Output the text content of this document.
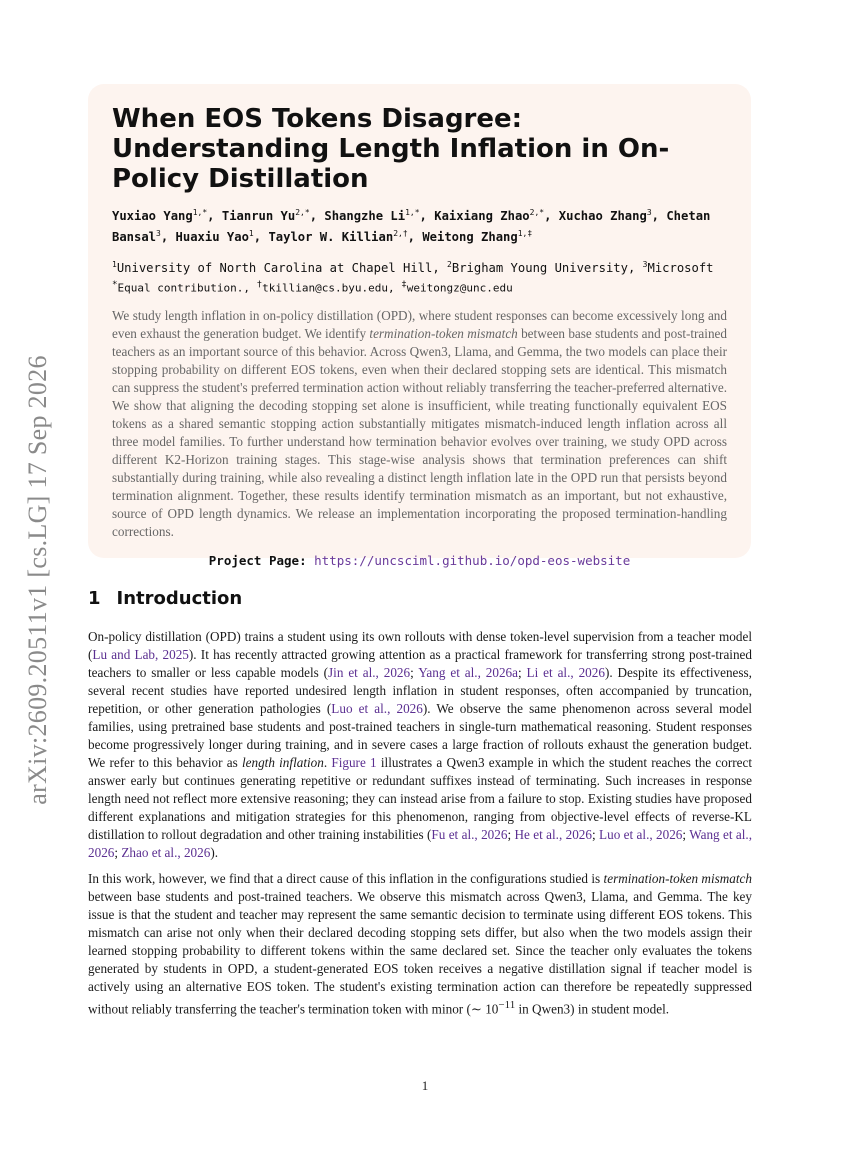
arXiv:2609.20511v1 [cs.LG] 17 Sep 2026
When EOS Tokens Disagree: Understanding Length Inflation in On-Policy Distillation
Yuxiao Yang$^{1,*}$, Tianrun $Yu^{2,*}$, Shangzhe $Li^{1,*}$, Kaixiang Zhao$^{2,*}$, Xuchao Zhang$^3$, Chetan Bansal$^3$, Huaxiu Yao$^1$, Taylor W. Killian$^{2,\dagger}$, Weitong Zhang$^{1,\ddagger}$
$^1$University of North Carolina at Chapel Hill, $^2$Brigham Young University, $^3$Microsoft
*Equal contribution., †tkillian@cs.byu.edu, ‡weitongz@unc.edu

We study length inflation in on-policy distillation (OPD), where student responses can become excessively long and even exhaust the generation budget. We identify termination-token mismatch between base students and post-trained teachers as an important source of this behavior. Across Qwen3, Llama, and Gemma, the two models can place their stopping probability on different EOS tokens, even when their declared stopping sets are identical. This mismatch can suppress the student's preferred termination action without reliably transferring the teacher-preferred alternative. We show that aligning the decoding stopping set alone is insufficient, while treating functionally equivalent EOS tokens as a shared semantic stopping action substantially mitigates mismatch-induced length inflation across all three model families. To further understand how termination behavior evolves over training, we study OPD across different K2-Horizon training stages. This stage-wise analysis shows that termination preferences can shift substantially during training, while also revealing a distinct length inflation late in the OPD run that persists beyond termination alignment. Together, these results identify termination mismatch as an important, but not exhaustive, source of OPD length dynamics. We release an implementation incorporating the proposed termination-handling corrections.

Project Page: https://uncsciml.github.io/opd-eos-website
1 Introduction

On-policy distillation (OPD) trains a student using its own rollouts with dense token-level supervision from a teacher model (Lu and Lab, 2025). It has recently attracted growing attention as a practical framework for transferring strong post-trained teachers to smaller or less capable models (Jin et al., 2026; Yang et al., 2026a; Li et al., 2026). Despite its effectiveness, several recent studies have reported undesired length inflation in student responses, often accompanied by truncation, repetition, or other generation pathologies (Luo et al., 2026). We observe the same phenomenon across several model families, using pretrained base students and post-trained teachers in single-turn mathematical reasoning. Student responses become progressively longer during training, and in severe cases a large fraction of rollouts exhaust the generation budget. We refer to this behavior as length inflation. Figure 1 illustrates a Qwen3 example in which the student reaches the correct answer early but continues generating repetitive or redundant suffixes instead of terminating. Such increases in response length need not reflect more extensive reasoning; they can instead arise from a failure to stop. Existing studies have proposed different explanations and mitigation strategies for this phenomenon, ranging from objective-level effects of reverse-KL distillation to rollout degradation and other training instabilities (Fu et al., 2026; He et al., 2026; Luo et al., 2026; Wang et al., 2026; Zhao et al., 2026).

In this work, however, we find that a direct cause of this inflation in the configurations studied is termination-token mismatch between base students and post-trained teachers. We observe this mismatch across Qwen3, Llama, and Gemma. The key issue is that the student and teacher may represent the same semantic decision to terminate using different EOS tokens. This mismatch can arise not only when their declared decoding stopping sets differ, but also when the two models assign their learned stopping probability to different tokens within the same declared set. Since the teacher only evaluates the tokens generated by students in OPD, a student-generated EOS token receives a negative distillation signal if teacher model is actively using an alternative EOS token. The student's existing termination action can therefore be repeatedly suppressed without reliably transferring the teacher's termination token with minor (∼ $10^{-11}$ in Qwen3) in student model.

1
